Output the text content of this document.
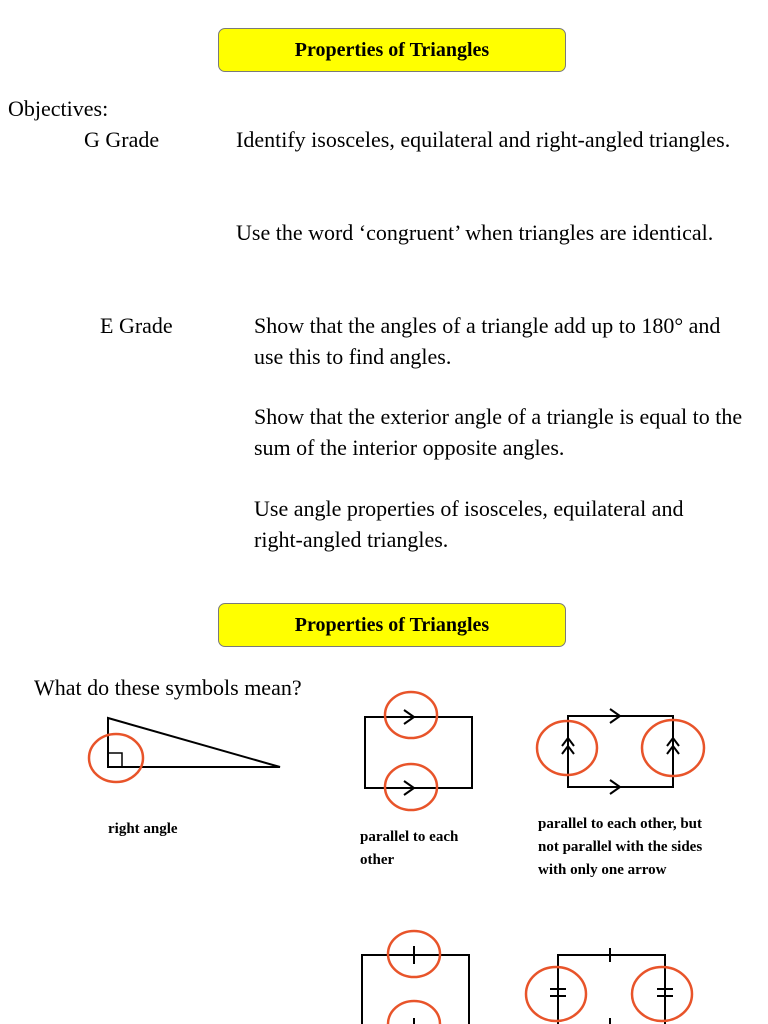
Properties of Triangles
Objectives:
G Grade	Identify isosceles, equilateral and right-angled triangles.
Use the word ‘congruent’ when triangles are identical.
E Grade	Show that the angles of a triangle add up to 180° and use this to find angles.
Show that the exterior angle of a triangle is equal to the sum of the interior opposite angles.
Use angle properties of isosceles, equilateral and right-angled triangles.
Properties of Triangles
What do these symbols mean?
right angle	parallel to each other
parallel to each other, but not parallel with the sides with only one arrow
